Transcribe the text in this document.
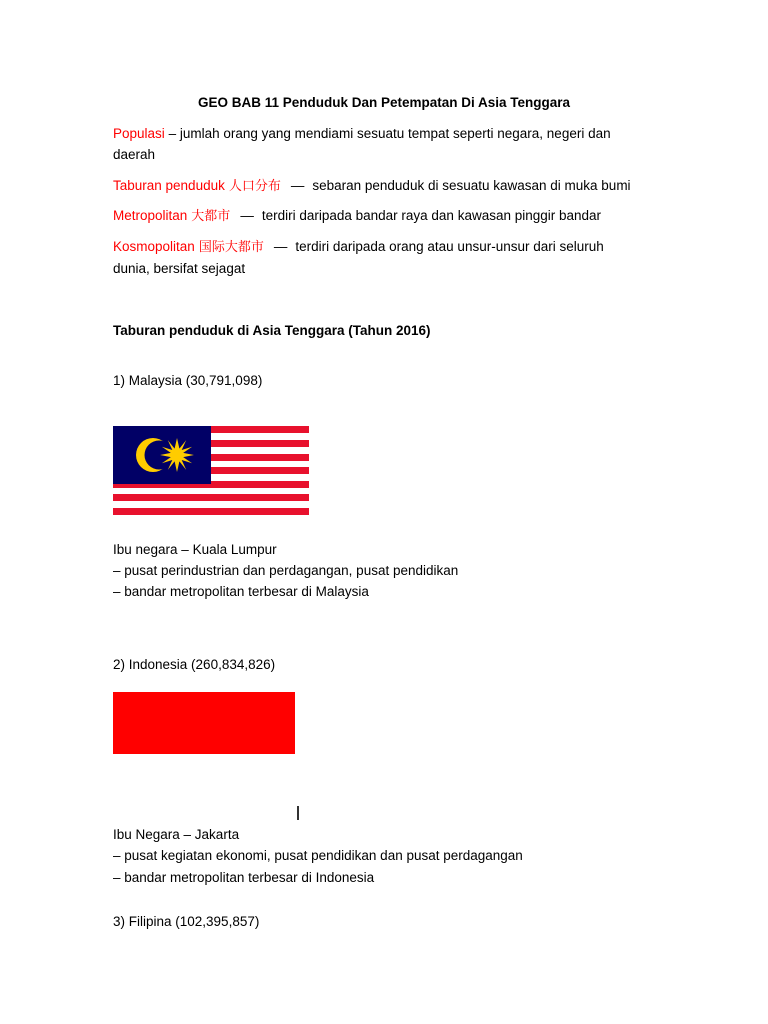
GEO BAB 11 Penduduk Dan Petempatan Di Asia Tenggara
Populasi – jumlah orang yang mendiami sesuatu tempat seperti negara, negeri dan
daerah
Taburan penduduk 人口分布 — sebaran penduduk di sesuatu kawasan di muka bumi
Metropolitan 大都市 — terdiri daripada bandar raya dan kawasan pinggir bandar
Kosmopolitan 国际大都市 — terdiri daripada orang atau unsur-unsur dari seluruh
dunia, bersifat sejagat
Taburan penduduk di Asia Tenggara (Tahun 2016)
1) Malaysia (30,791,098)
Ibu negara – Kuala Lumpur
– pusat perindustrian dan perdagangan, pusat pendidikan
– bandar metropolitan terbesar di Malaysia
2) Indonesia (260,834,826)
Ibu Negara – Jakarta
– pusat kegiatan ekonomi, pusat pendidikan dan pusat perdagangan
– bandar metropolitan terbesar di Indonesia
3) Filipina (102,395,857)
